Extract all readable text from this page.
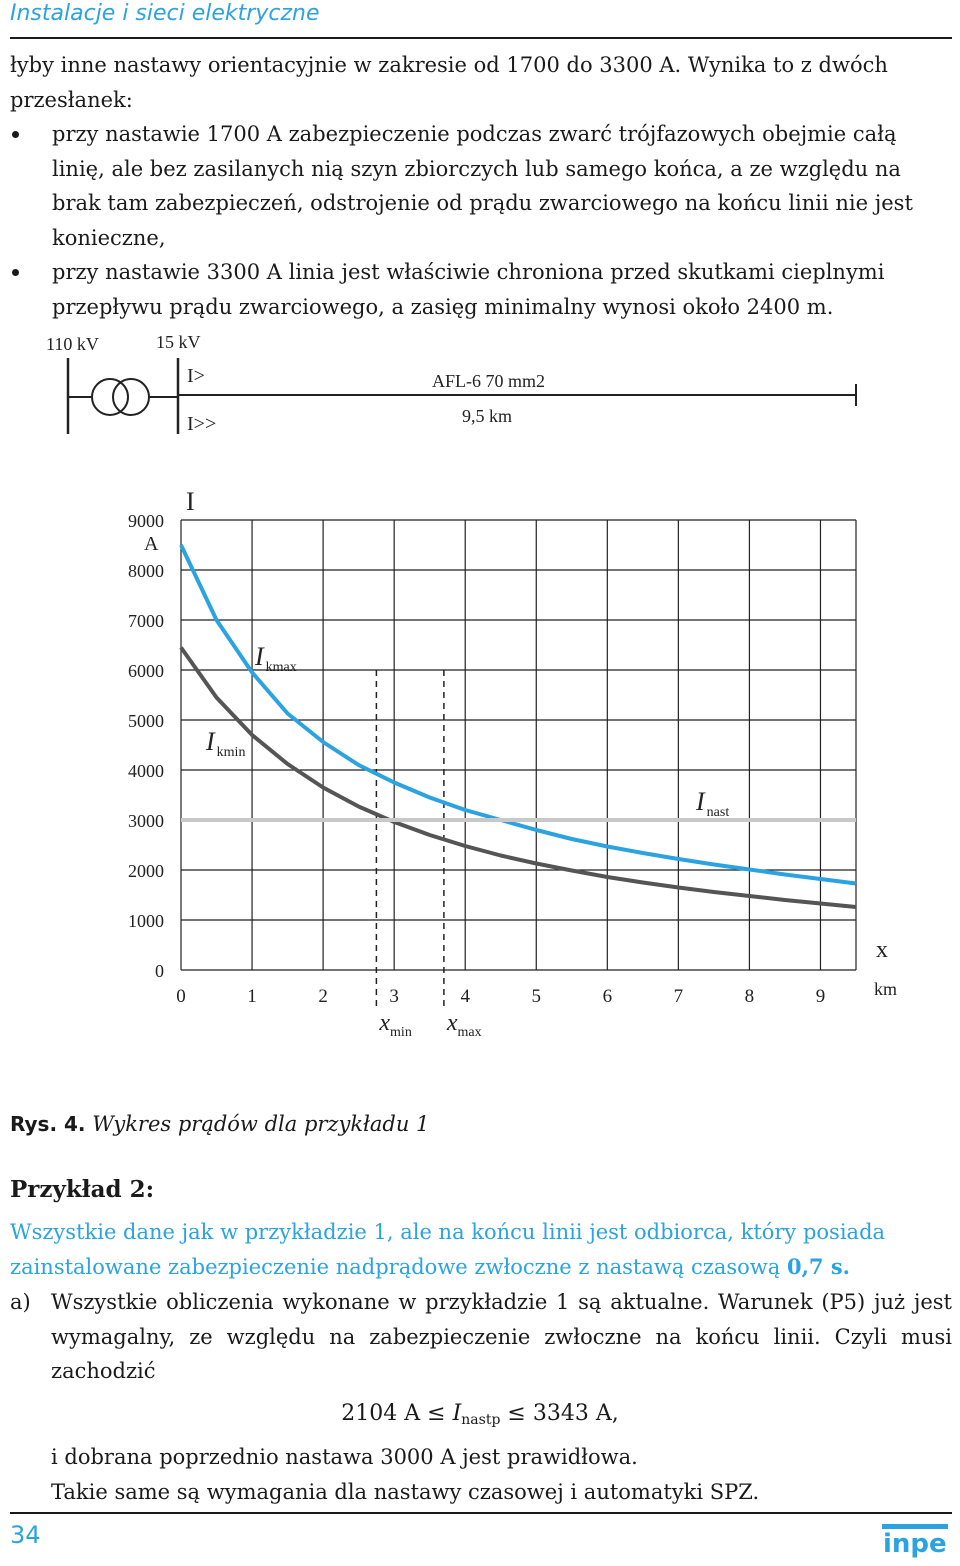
Instalacje i sieci elektryczne

łyby inne nastawy orientacyjnie w zakresie od 1700 do 3300 A. Wynika to z dwóch przesłanek:

przy nastawie 1700 A zabezpieczenie podczas zwarć trójfazowych obejmie całą linię, ale bez zasilanych nią szyn zbiorczych lub samego końca, a ze względu na brak tam zabezpieczeń, odstrojenie od prądu zwarciowego na końcu linii nie jest konieczne,
przy nastawie 3300 A linia jest właściwie chroniona przed skutkami cieplnymi przepływu prądu zwarciowego, a zasięg minimalny wynosi około 2400 m.
110 kV	15 kV
I>
I>>
AFL-6 70 mm2
9,5 km
0	1	2	3	4	5	6	7	8	9
0
1000
2000
3000
4000
5000
6000
7000
8000
9000
$x_{min}$ $x_{max}$
I $_{kmax}$
I $_{kmin}$
I $_{nast}$
I
A
x
km
Rys. 4. Wykres prądów dla przykładu 1
Przykład 2:

Wszystkie dane jak w przykładzie 1, ale na końcu linii jest odbiorca, który posiada zainstalowane zabezpieczenie nadprądowe zwłoczne z nastawą czasową 0,7 s.

a) Wszystkie obliczenia wykonane w przykładzie 1 są aktualne. Warunek (P5) już jest wymagalny, ze względu na zabezpieczenie zwłoczne na końcu linii. Czyli musi zachodzić
2104 $A \le I_{nastp} \le 3343$ A,
i dobrana poprzednio nastawa 3000 A jest prawidłowa.
Takie same są wymagania dla nastawy czasowej i automatyki SPZ.
34	inpe
